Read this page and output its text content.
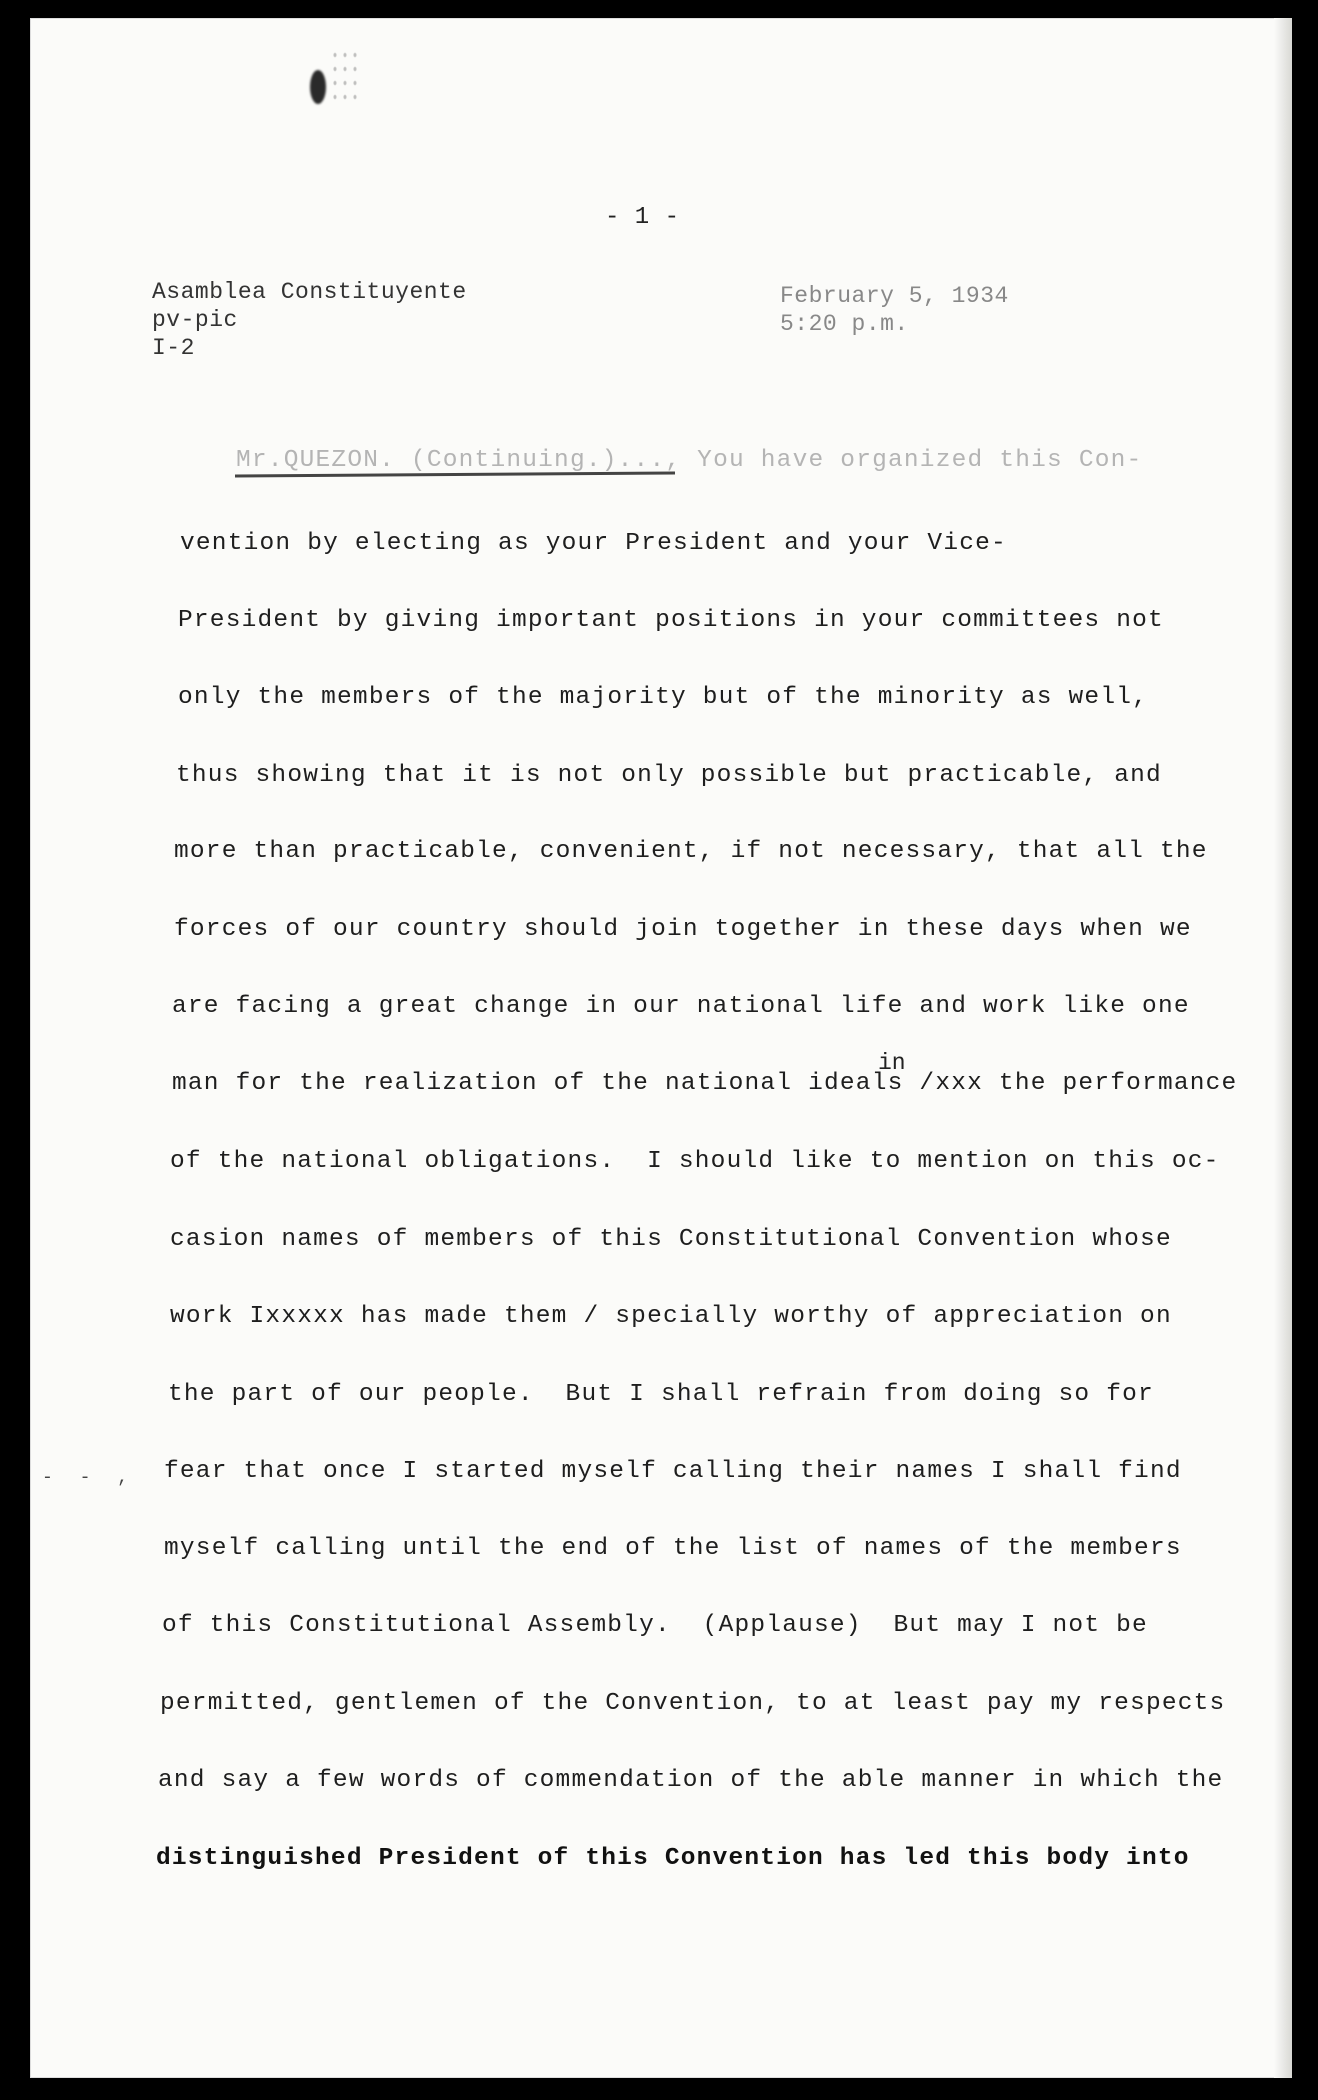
- 1 -
Asamblea Constituyente
pv-pic
I-2
February 5, 1934
5:20 p.m.
Mr.QUEZON. (Continuing.)..., You have organized this Con-
vention by electing as your President and your Vice-
President by giving important positions in your committees not
only the members of the majority but of the minority as well,
thus showing that it is not only possible but practicable, and
more than practicable, convenient, if not necessary, that all the
forces of our country should join together in these days when we
are facing a great change in our national life and work like one
in
man for the realization of the national ideals /xxx the performance
of the national obligations.  I should like to mention on this oc-
casion names of members of this Constitutional Convention whose
work Ixxxxx has made them / specially worthy of appreciation on
the part of our people.  But I shall refrain from doing so for
fear that once I started myself calling their names I shall find
myself calling until the end of the list of names of the members
of this Constitutional Assembly.  (Applause)  But may I not be
permitted, gentlemen of the Convention, to at least pay my respects
and say a few words of commendation of the able manner in which the
distinguished President of this Convention has led this body into
- - ,
